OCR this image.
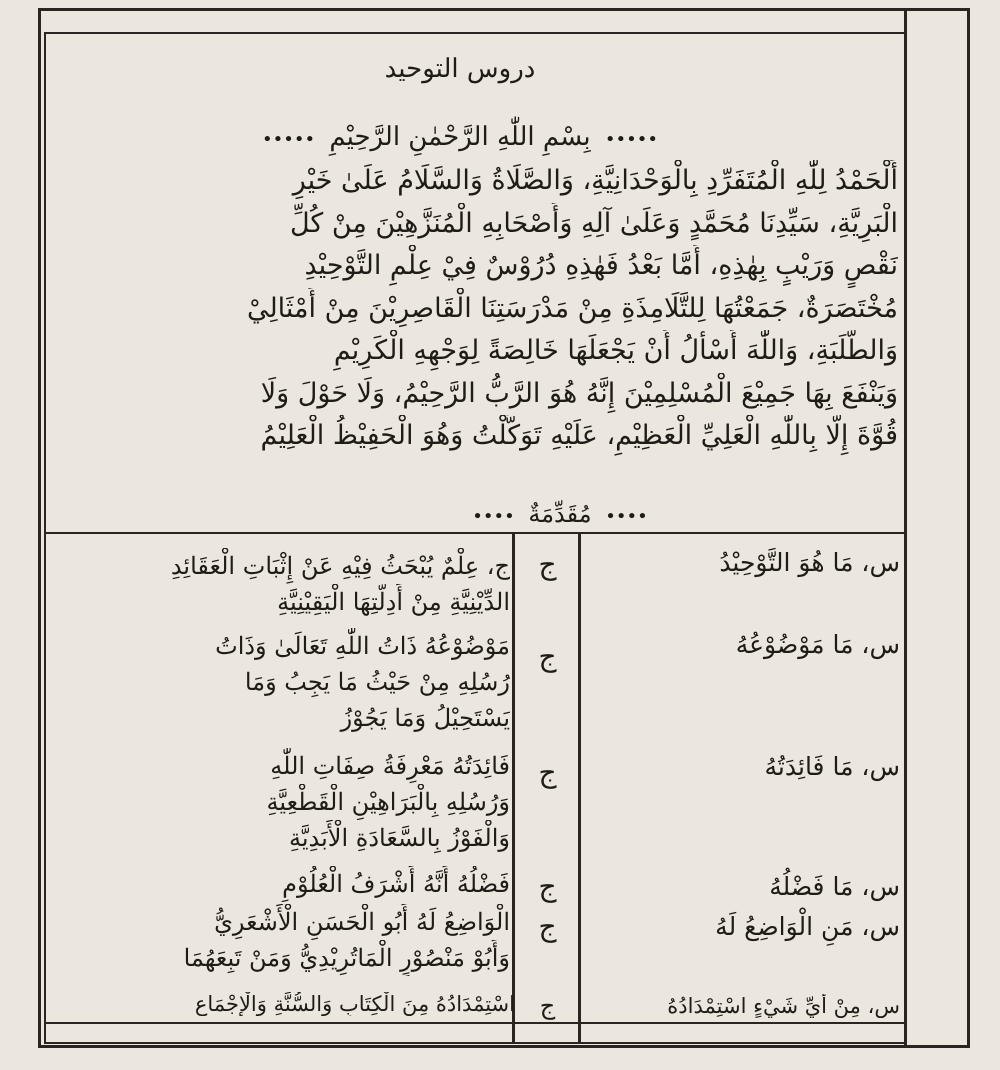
دروس التوحيد
••••• بِسْمِ اللّٰهِ الرَّحْمٰنِ الرَّحِيْمِ •••••
أَلْحَمْدُ لِلّٰهِ الْمُتَفَرِّدِ بِالْوَحْدَانِيَّةِ، وَالصَّلَاةُ وَالسَّلَامُ عَلَىٰ خَيْرِ
الْبَرِيَّةِ، سَيِّدِنَا مُحَمَّدٍ وَعَلَىٰ آلِهِ وَأَصْحَابِهِ الْمُنَزَّهِيْنَ مِنْ كُلِّ
نَقْصٍ وَرَيْبٍ بِهٰذِهِ، أَمَّا بَعْدُ فَهٰذِهِ دُرُوْسٌ فِيْ عِلْمِ التَّوْحِيْدِ
مُخْتَصَرَةٌ، جَمَعْتُهَا لِلتَّلَامِذَةِ مِنْ مَدْرَسَتِنَا الْقَاصِرِيْنَ مِنْ أَمْثَالِيْ
وَالطَّلَبَةِ، وَاللّٰهَ أَسْأَلُ أَنْ يَجْعَلَهَا خَالِصَةً لِوَجْهِهِ الْكَرِيْمِ
وَيَنْفَعَ بِهَا جَمِيْعَ الْمُسْلِمِيْنَ إِنَّهُ هُوَ الرَّبُّ الرَّحِيْمُ، وَلَا حَوْلَ وَلَا
قُوَّةَ إِلَّا بِاللّٰهِ الْعَلِيِّ الْعَظِيْمِ، عَلَيْهِ تَوَكَّلْتُ وَهُوَ الْحَفِيْظُ الْعَلِيْمُ
•••• مُقَدِّمَةٌ ••••
س، مَا هُوَ التَّوْحِيْدُ
ج
ج، عِلْمٌ يُبْحَثُ فِيْهِ عَنْ إِثْبَاتِ الْعَقَائِدِ
الدِّيْنِيَّةِ مِنْ أَدِلَّتِهَا الْيَقِيْنِيَّةِ
س، مَا مَوْضُوْعُهُ
ج
مَوْضُوْعُهُ ذَاتُ اللّٰهِ تَعَالَىٰ وَذَاتُ
رُسُلِهِ مِنْ حَيْثُ مَا يَجِبُ وَمَا
يَسْتَحِيْلُ وَمَا يَجُوْزُ
س، مَا فَائِدَتُهُ
ج
فَائِدَتُهُ مَعْرِفَةُ صِفَاتِ اللّٰهِ
وَرُسُلِهِ بِالْبَرَاهِيْنِ الْقَطْعِيَّةِ
وَالْفَوْزُ بِالسَّعَادَةِ الْأَبَدِيَّةِ
س، مَا فَضْلُهُ
ج
فَضْلُهُ أَنَّهُ أَشْرَفُ الْعُلُوْمِ
س، مَنِ الْوَاضِعُ لَهُ
ج
الْوَاضِعُ لَهُ أَبُو الْحَسَنِ الْأَشْعَرِيُّ
وَأَبُوْ مَنْصُوْرٍ الْمَاتُرِيْدِيُّ وَمَنْ تَبِعَهُمَا
س، مِنْ أَيِّ شَيْءٍ اسْتِمْدَادُهُ
ج
اسْتِمْدَادُهُ مِنَ الْكِتَابِ وَالسُّنَّةِ وَالْإِجْمَاعِ
